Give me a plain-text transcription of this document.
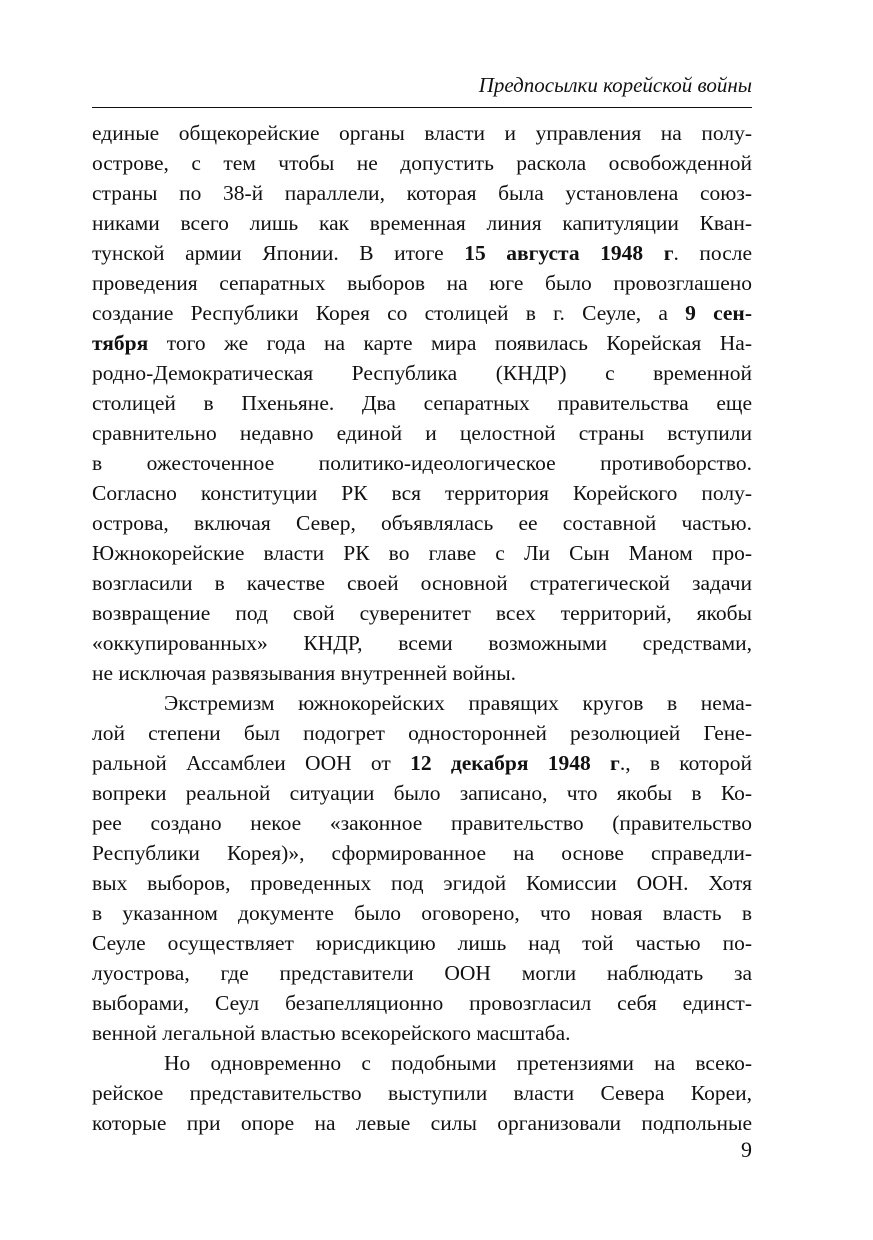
Предпосылки корейской войны
единые общекорейские органы власти и управления на полу-
острове, с тем чтобы не допустить раскола освобожденной
страны по 38-й параллели, которая была установлена союз-
никами всего лишь как временная линия капитуляции Кван-
тунской армии Японии. В итоге 15 августа 1948 г. после
проведения сепаратных выборов на юге было провозглашено
создание Республики Корея со столицей в г. Сеуле, а 9 сен-
тября того же года на карте мира появилась Корейская На-
родно-Демократическая Республика (КНДР) с временной
столицей в Пхеньяне. Два сепаратных правительства еще
сравнительно недавно единой и целостной страны вступили
в ожесточенное политико-идеологическое противоборство.
Согласно конституции РК вся территория Корейского полу-
острова, включая Север, объявлялась ее составной частью.
Южнокорейские власти РК во главе с Ли Сын Маном про-
возгласили в качестве своей основной стратегической задачи
возвращение под свой суверенитет всех территорий, якобы
«оккупированных» КНДР, всеми возможными средствами,
не исключая развязывания внутренней войны.
Экстремизм южнокорейских правящих кругов в нема-
лой степени был подогрет односторонней резолюцией Гене-
ральной Ассамблеи ООН от 12 декабря 1948 г., в которой
вопреки реальной ситуации было записано, что якобы в Ко-
рее создано некое «законное правительство (правительство
Республики Корея)», сформированное на основе справедли-
вых выборов, проведенных под эгидой Комиссии ООН. Хотя
в указанном документе было оговорено, что новая власть в
Сеуле осуществляет юрисдикцию лишь над той частью по-
луострова, где представители ООН могли наблюдать за
выборами, Сеул безапелляционно провозгласил себя единст-
венной легальной властью всекорейского масштаба.
Но одновременно с подобными претензиями на всеко-
рейское представительство выступили власти Севера Кореи,
которые при опоре на левые силы организовали подпольные
9
